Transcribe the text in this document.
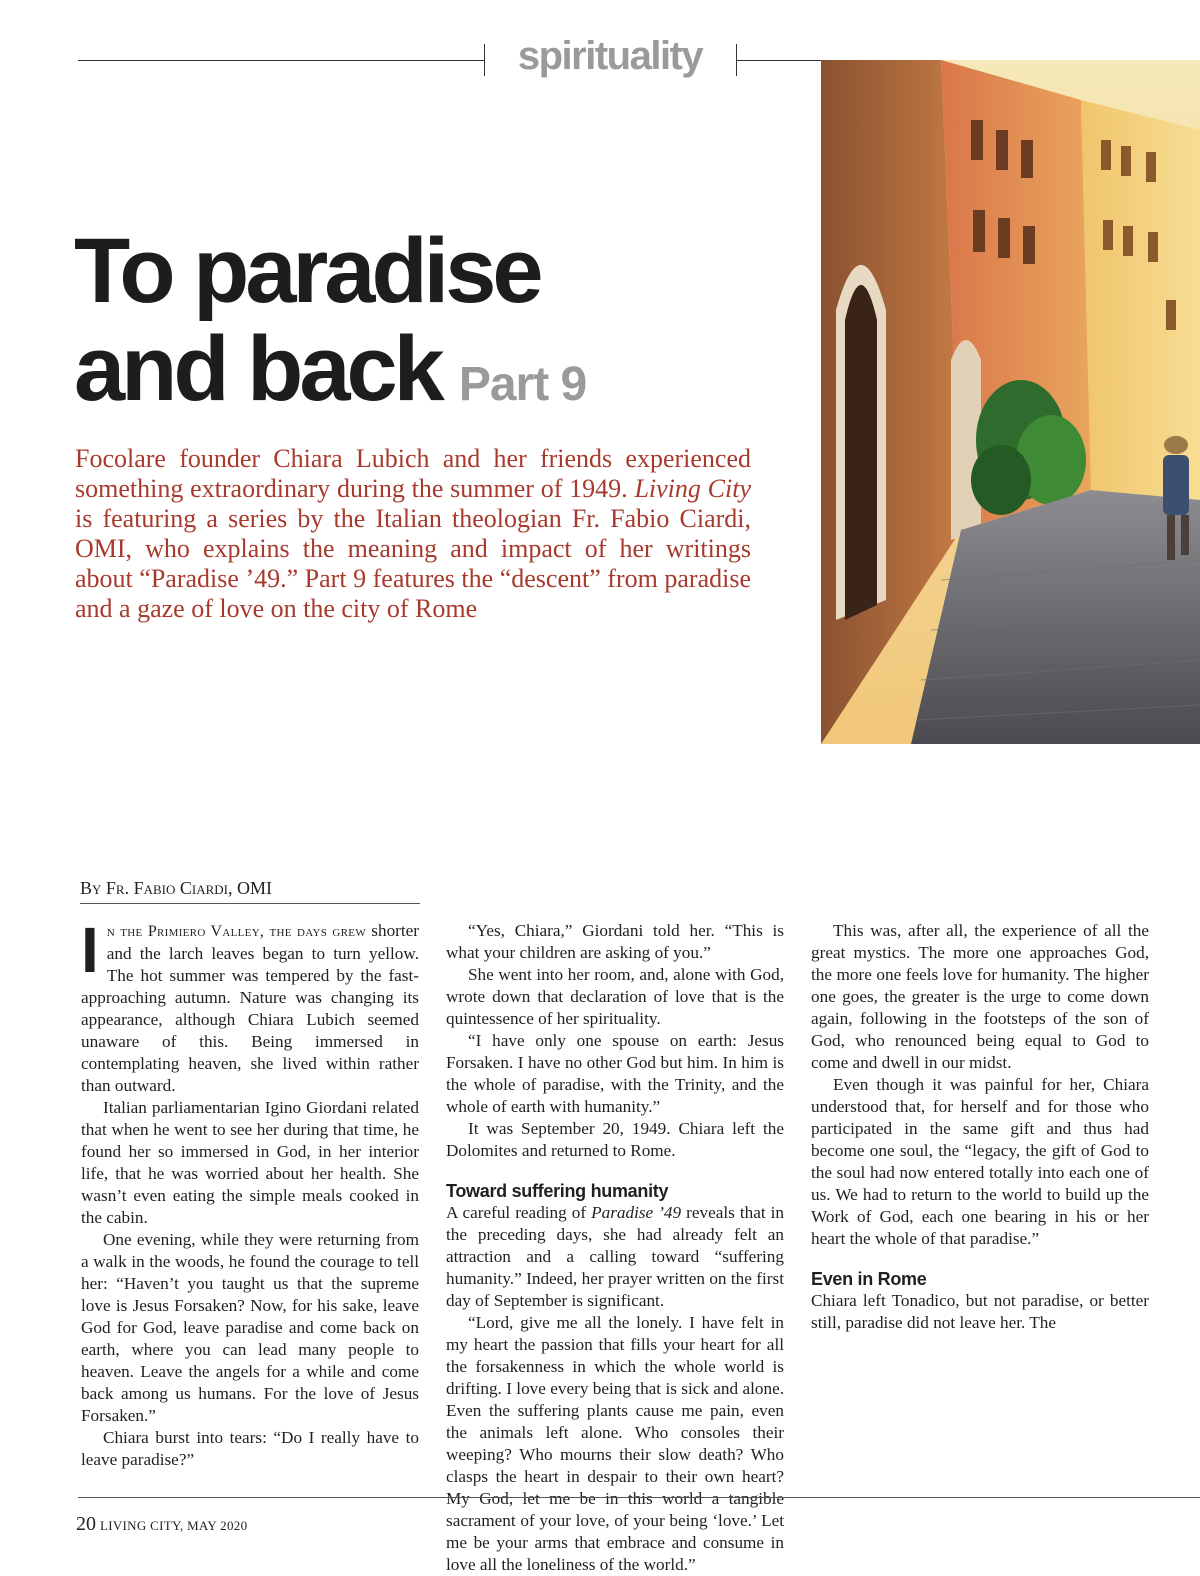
spirituality
To paradise
and back Part 9
Focolare founder Chiara Lubich and her friends experienced something extraordinary during the summer of 1949. Living City is featuring a series by the Italian theologian Fr. Fabio Ciardi, OMI, who explains the meaning and impact of her writings about “Paradise ’49.” Part 9 features the “descent” from paradise and a gaze of love on the city of Rome
By Fr. Fabio Ciardi, OMI

In the Primiero Valley, the days grew shorter and the larch leaves began to turn yellow. The hot summer was tempered by the fast-approaching autumn. Nature was changing its appearance, although Chiara Lubich seemed unaware of this. Being immersed in contemplating heaven, she lived within rather than outward.

Italian parliamentarian Igino Giordani related that when he went to see her during that time, he found her so immersed in God, in her interior life, that he was worried about her health. She wasn’t even eating the simple meals cooked in the cabin.

One evening, while they were returning from a walk in the woods, he found the courage to tell her: “Haven’t you taught us that the supreme love is Jesus Forsaken? Now, for his sake, leave God for God, leave paradise and come back on earth, where you can lead many people to heaven. Leave the angels for a while and come back among us humans. For the love of Jesus Forsaken.”

Chiara burst into tears: “Do I really have to leave paradise?”

“Yes, Chiara,” Giordani told her. “This is what your children are asking of you.”

She went into her room, and, alone with God, wrote down that declaration of love that is the quintessence of her spirituality.

“I have only one spouse on earth: Jesus Forsaken. I have no other God but him. In him is the whole of paradise, with the Trinity, and the whole of earth with humanity.”

It was September 20, 1949. Chiara left the Dolomites and returned to Rome.

Toward suffering humanity

A careful reading of Paradise ’49 reveals that in the preceding days, she had already felt an attraction and a calling toward “suffering humanity.” Indeed, her prayer written on the first day of September is significant.

“Lord, give me all the lonely. I have felt in my heart the passion that fills your heart for all the forsakenness in which the whole world is drifting. I love every being that is sick and alone. Even the suffering plants cause me pain, even the animals left alone. Who consoles their weeping? Who mourns their slow death? Who clasps the heart in despair to their own heart? My God, let me be in this world a tangible sacrament of your love, of your being ‘love.’ Let me be your arms that embrace and consume in love all the loneliness of the world.”

This was, after all, the experience of all the great mystics. The more one approaches God, the more one feels love for humanity. The higher one goes, the greater is the urge to come down again, following in the footsteps of the son of God, who renounced being equal to God to come and dwell in our midst.

Even though it was painful for her, Chiara understood that, for herself and for those who participated in the same gift and thus had become one soul, the “legacy, the gift of God to the soul had now entered totally into each one of us. We had to return to the world to build up the Work of God, each one bearing in his or her heart the whole of that paradise.”

Even in Rome

Chiara left Tonadico, but not paradise, or better still, paradise did not leave her. The

20 LIVING CITY, MAY 2020
